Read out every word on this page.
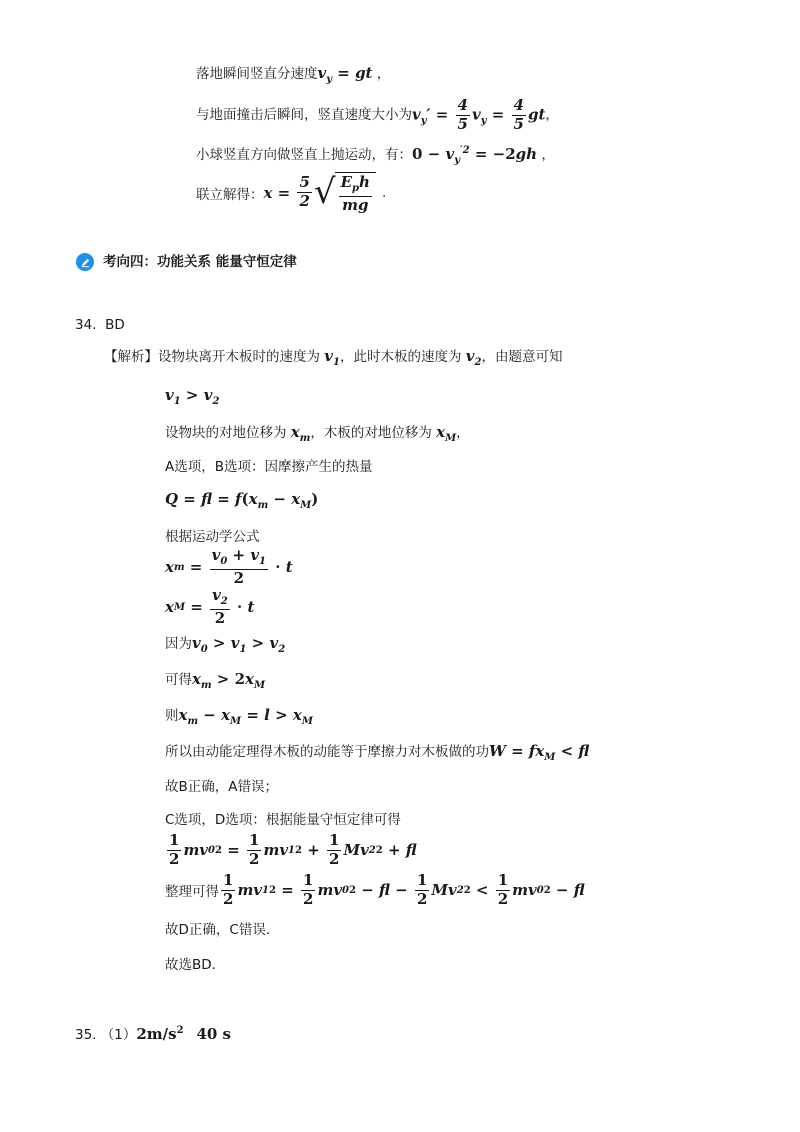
落地瞬间竖直分速度$v_y$ = gt ，
与地面撞击后瞬间，竖直速度大小为 $v_y' = \frac{4}{5} v_y = \frac{4}{5}$ gt ，
小球竖直方向做竖直上抛运动，有：$0 - v_y^{'2} = -2gh$ ，
联立解得： x =
$\frac{5}{2}$ √ $\frac{E_ph}{mg}$ .
考向四：功能关系 能量守恒定律
34. BD
【解析】设物块离开木板时的速度为 $v_1$，此时木板的速度为 $v_2$，由题意可知
$v_1 > v_2$
设物块的对地位移为 $x_m$，木板的对地位移为 $x_M$，
A选项，B选项：因摩擦产生的热量
Q = fl = $f(x_m - x_M)$
根据运动学公式
x m
=
$\frac{v_0 + v_1}{2}$
· t
x M
=
$\frac{v_2}{2}$
· t
因为$v_0 > v_1 > v_2$
可得$x_m > 2x_M$
则$x_m - x_M = l > x_M$
所以由动能定理得木板的动能等于摩擦力对木板做的功$W = fx_M$ < fl
故B正确，A错误；
C选项，D选项：根据能量守恒定律可得
$\frac{1}{2}$ mv 0 2
=
$\frac{1}{2}$ mv 1 2
+
$\frac{1}{2}$ Mv 2 2
+ fl
整理可得 $\frac{1}{2}$ mv 1 2
=
$\frac{1}{2}$ mv 0 2
− fl −
$\frac{1}{2}$ Mv 2 2
<
$\frac{1}{2}$ mv 0 2
− fl
故D正确，C错误．
故选BD．
35. $(1)2m/s^2$ 40 s
